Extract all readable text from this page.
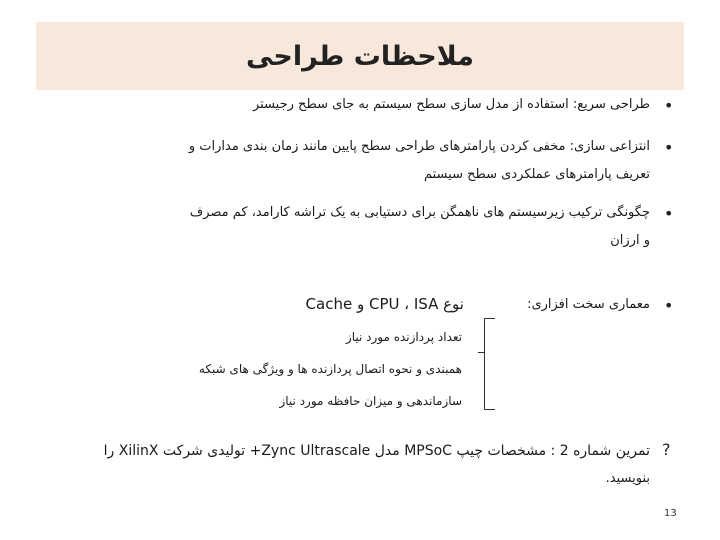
ملاحظات طراحی
•
طراحی سریع: استفاده از مدل سازی سطح سیستم به جای سطح رجیستر
•
انتزاعی سازی: مخفی کردن پارامترهای طراحی سطح پایین مانند زمان بندی مدارات و
تعریف پارامترهای عملکردی سطح سیستم
•
چگونگی ترکیب زیرسیستم های ناهمگن برای دستیابی به یک تراشه کارامد، کم مصرف
و ارزان
•
معماری سخت افزاری:
نوع CPU ، ISA و Cache
تعداد پردازنده مورد نیاز
همبندی و نحوه اتصال پردازنده ها و ویژگی های شبکه
سازماندهی و میزان حافظه مورد نیاز
?
تمرین شماره 2 : مشخصات چیپ MPSoC مدل Zync Ultrascale+ تولیدی شرکت XilinX را
بنویسید.
13
